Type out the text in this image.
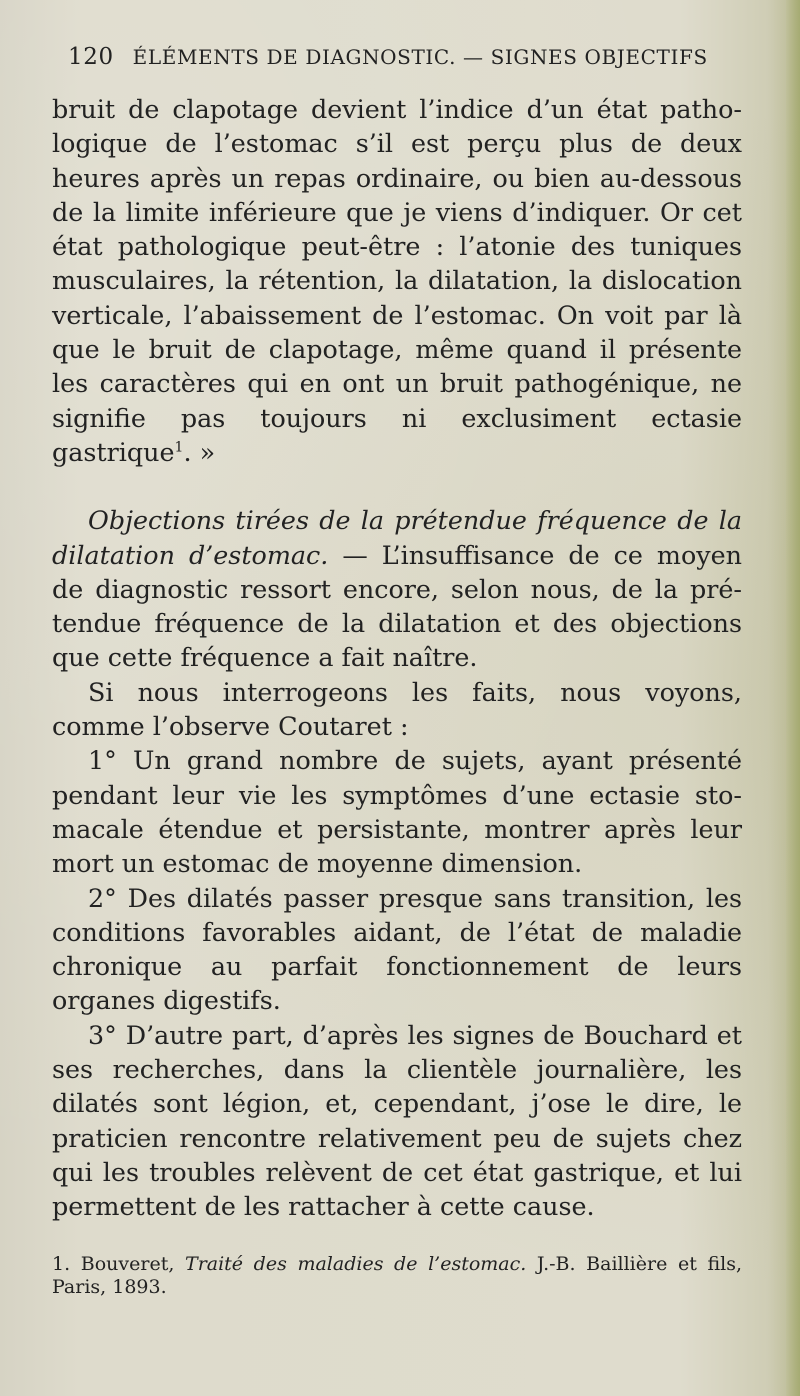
120 ÉLÉMENTS DE DIAGNOSTIC. — SIGNES OBJECTIFS

bruit de clapotage devient l’indice d’un état pathologique de l’estomac s’il est perçu plus de deux heures après un repas ordinaire, ou bien au-dessous de la limite inférieure que je viens d’indiquer. Or cet état pathologique peut-être : l’atonie des tuniques musculaires, la rétention, la dilatation, la dislocation verticale, l’abaissement de l’estomac. On voit par là que le bruit de clapotage, même quand il présente les caractères qui en ont un bruit pathogénique, ne signifie pas toujours ni exclusiment ectasie gastrique$^1$. »

Objections tirées de la prétendue fréquence de la dilatation d’estomac. — L’insuffisance de ce moyen de diagnostic ressort encore, selon nous, de la prétendue fréquence de la dilatation et des objections que cette fréquence a fait naître.

Si nous interrogeons les faits, nous voyons, comme l’observe Coutaret :

1° Un grand nombre de sujets, ayant présenté pendant leur vie les symptômes d’une ectasie stomacale étendue et persistante, montrer après leur mort un estomac de moyenne dimension.

2° Des dilatés passer presque sans transition, les conditions favorables aidant, de l’état de maladie chronique au parfait fonctionnement de leurs organes digestifs.

3° D’autre part, d’après les signes de Bouchard et ses recherches, dans la clientèle journalière, les dilatés sont légion, et, cependant, j’ose le dire, le praticien rencontre relativement peu de sujets chez qui les troubles relèvent de cet état gastrique, et lui permettent de les rattacher à cette cause.

1. Bouveret, Traité des maladies de l’estomac. J.-B. Baillière et fils, Paris, 1893.
